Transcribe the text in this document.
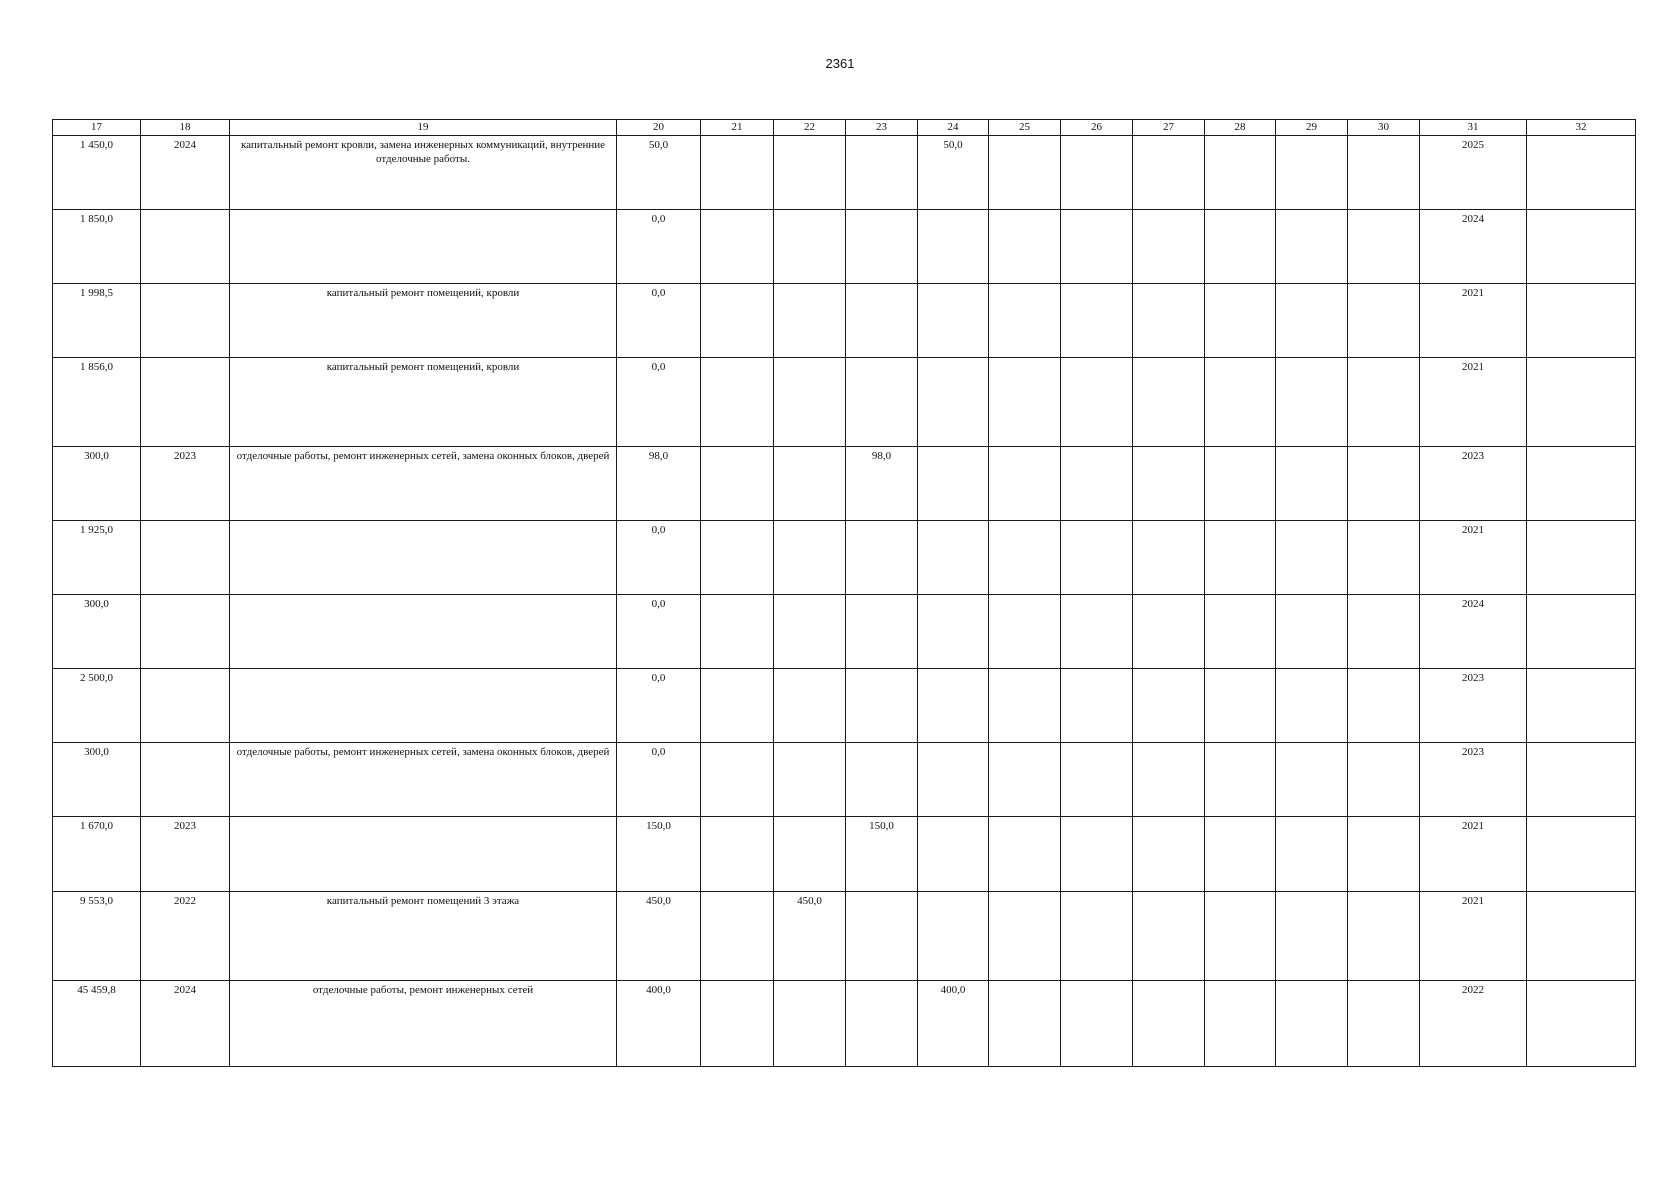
2361
17	18	19	20	21	22	23	24	25	26	27	28	29	30	31	32
1 450,0	2024	капитальный ремонт кровли, замена инженерных коммуникаций, внутренние отделочные работы.	50,0				50,0							2025	
1 850,0			0,0											2024	
1 998,5		капитальный ремонт помещений, кровли	0,0											2021	
1 856,0		капитальный ремонт помещений, кровли	0,0											2021	
300,0	2023	отделочные работы, ремонт инженерных сетей, замена оконных блоков, дверей	98,0			98,0								2023	
1 925,0			0,0											2021	
300,0			0,0											2024	
2 500,0			0,0											2023	
300,0		отделочные работы, ремонт инженерных сетей, замена оконных блоков, дверей	0,0											2023	
1 670,0	2023		150,0			150,0								2021	
9 553,0	2022	капитальный ремонт помещений 3 этажа	450,0		450,0									2021	
45 459,8	2024	отделочные работы, ремонт инженерных сетей	400,0				400,0							2022	
